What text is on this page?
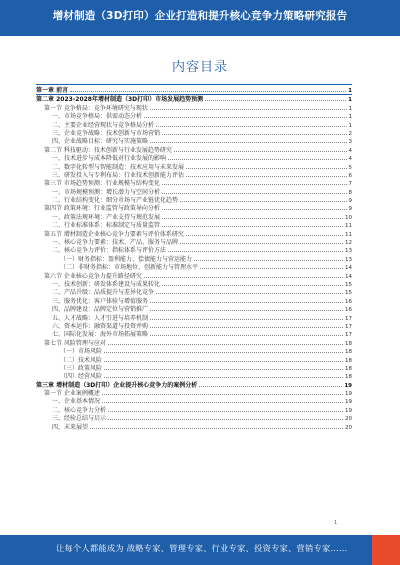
增材制造（3D打印）企业打造和提升核心竞争力策略研究报告
内容目录
第一章 前言	1
第二章 2023-2028年增材制造（3D打印）市场发展趋势预测	1
第一节 竞争格局：竞争环境研究与现状	1
一、市场竞争格局：供需动态分析	1
二、主要企业经营现状与竞争格局分析	1
三、企业竞争战略：技术创新与市场营销	2
四、企业战略目标：研究与实施策略	3
第二节 科技驱动：技术创新与行业发展趋势研究	4
一、技术进步与成本降低对行业发展的影响	4
二、数字化转型与智能制造：技术应用与未来发展	5
三、研发投入与专利布局：行业技术创新能力评估	6
第三节 市场趋势预测：行业规模与结构变化	7
一、市场规模预测：增长潜力与空间分析	8
二、行业结构变化：细分市场与产业链优化趋势	9
第四节 政策环境：行业监管与政策导向分析	9
一、政策法规环境：产业支持与规范发展	10
二、行业标准体系：标准制定与质量监管	11
第五节 增材制造企业核心竞争力要素与评价体系研究	11
一、核心竞争力要素：技术、产品、服务与品牌	12
二、核心竞争力评价：指标体系与评价方法	13
（一）财务指标：盈利能力、偿债能力与营运能力	13
（二）非财务指标：市场地位、创新能力与管理水平	14
第六节 企业核心竞争力提升路径研究	14
一、技术创新：研发体系建设与成果转化	15
二、产品升级：品质提升与差异化竞争	15
三、服务优化：客户体验与增值服务	16
四、品牌建设：品牌定位与营销推广	16
五、人才战略：人才引进与培养机制	17
六、资本运作：融资渠道与投资并购	17
七、国际化发展：海外市场拓展策略	17
第七节 风险管理与应对	18
（一）市场风险	18
（二）技术风险	18
（三）政策风险	18
（四）经营风险	18
第三章 增材制造（3D打印）企业提升核心竞争力的案例分析	19
第一节 企业案例概述	19
一、企业基本情况	19
二、核心竞争力分析	19
三、经验总结与启示	20
四、未来展望	20
1
让每个人都能成为 战略专家、管理专家、行业专家、投资专家、营销专家……
